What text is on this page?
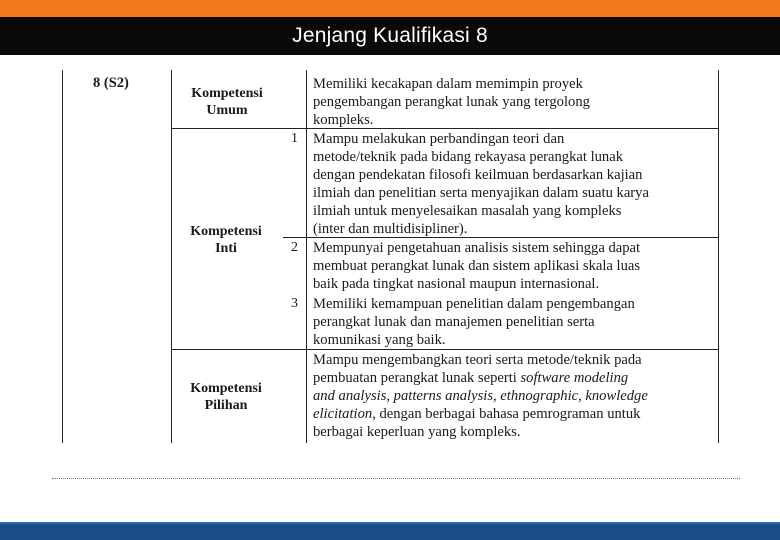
Jenjang Kualifikasi 8
8 (S2)
Kompetensi
Umum
Memiliki kecakapan dalam memimpin proyek
pengembangan perangkat lunak yang tergolong
kompleks.
Kompetensi
Inti
1 Mampu melakukan perbandingan teori dan
metode/teknik pada bidang rekayasa perangkat lunak
dengan pendekatan filosofi keilmuan berdasarkan kajian
ilmiah dan penelitian serta menyajikan dalam suatu karya
ilmiah untuk menyelesaikan masalah yang kompleks
(inter dan multidisipliner).
2 Mempunyai pengetahuan analisis sistem sehingga dapat
membuat perangkat lunak dan sistem aplikasi skala luas
baik pada tingkat nasional maupun internasional.
3 Memiliki kemampuan penelitian dalam pengembangan
perangkat lunak dan manajemen penelitian serta
komunikasi yang baik.
Kompetensi
Pilihan
Mampu mengembangkan teori serta metode/teknik pada
pembuatan perangkat lunak seperti software modeling
and analysis, patterns analysis, ethnographic, knowledge
elicitation, dengan berbagai bahasa pemrograman untuk
berbagai keperluan yang kompleks.
